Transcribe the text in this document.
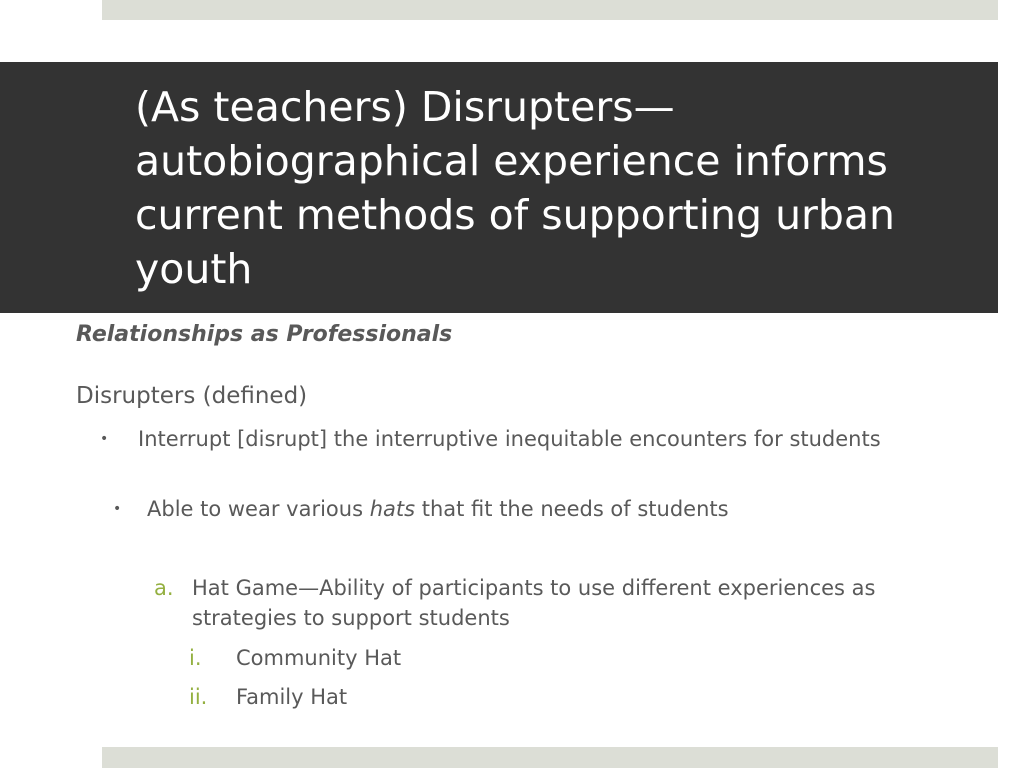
(As teachers) Disrupters— autobiographical experience informs current methods of supporting urban youth
Relationships as Professionals
Disrupters (defined)
• Interrupt [disrupt] the interruptive inequitable encounters for students
• Able to wear various hats that fit the needs of students
a. Hat Game—Ability of participants to use different experiences as strategies to support students
i. Community Hat
ii. Family Hat
